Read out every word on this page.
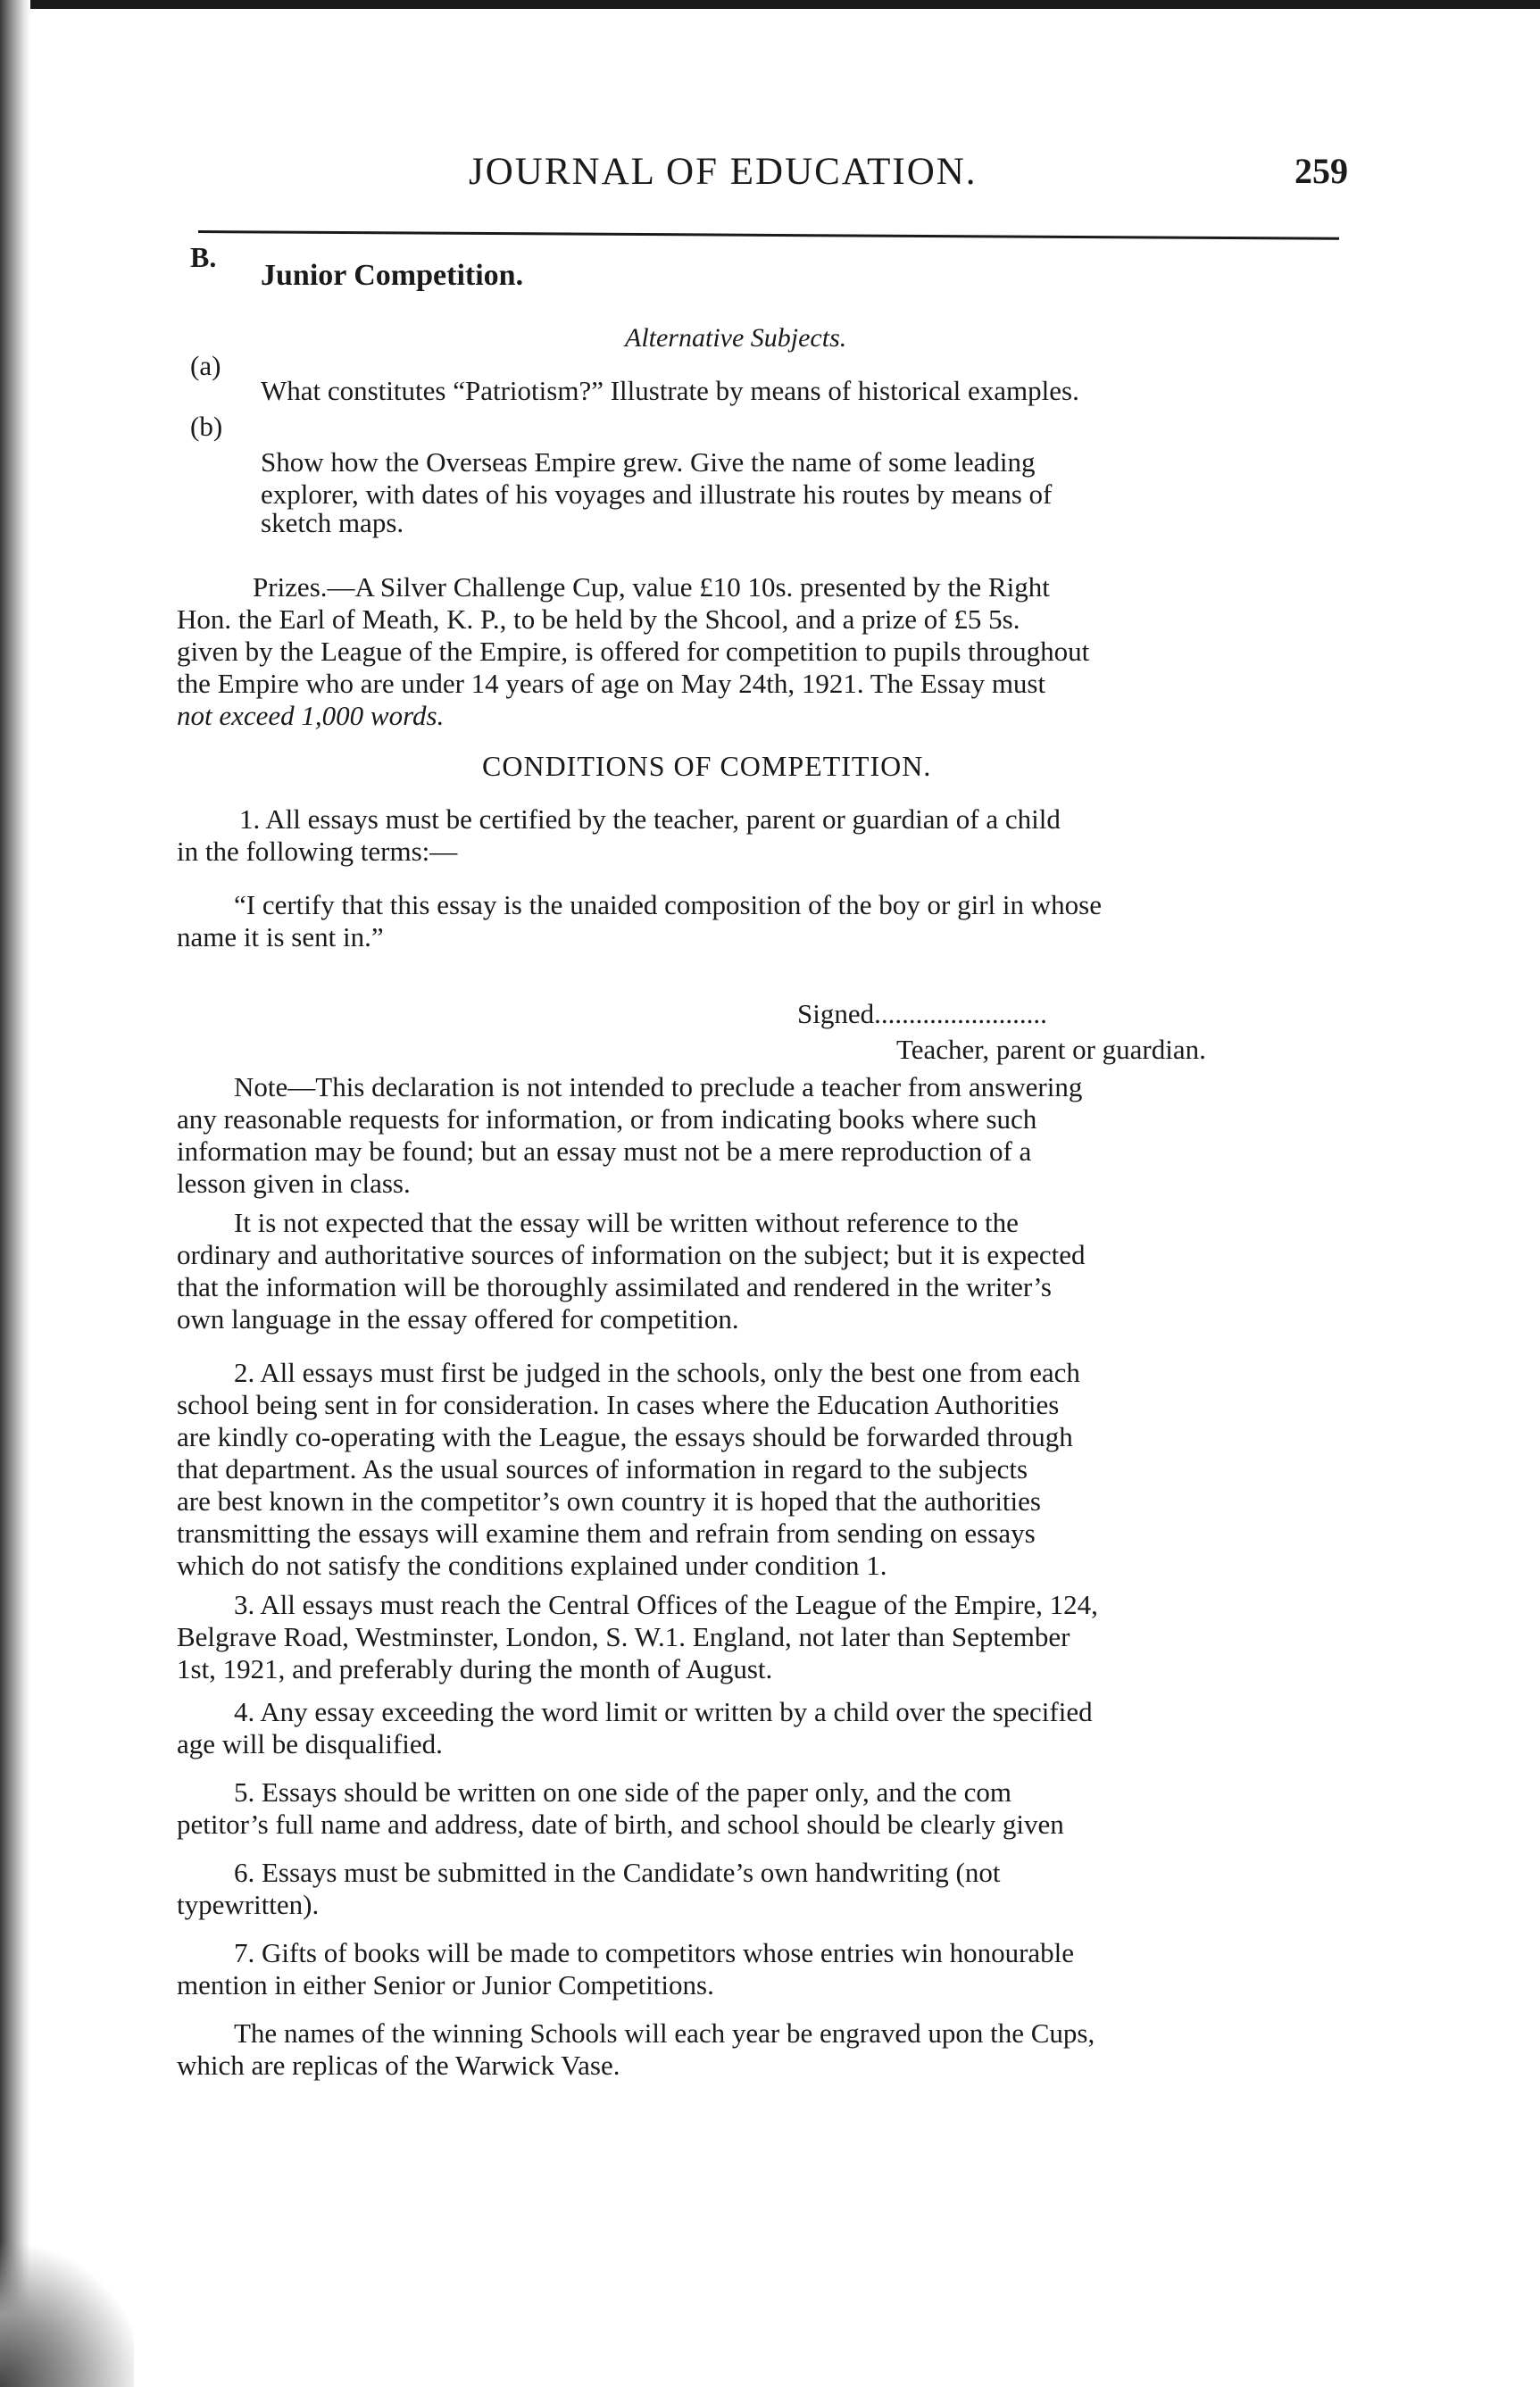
JOURNAL OF EDUCATION.	259
B.
Junior Competition.
Alternative Subjects.
(a)
What constitutes “Patriotism?” Illustrate by means of historical examples.
(b)
Show how the Overseas Empire grew. Give the name of some leading
explorer, with dates of his voyages and illustrate his routes by means of
sketch maps.
Prizes.—A Silver Challenge Cup, value £10 10s. presented by the Right
Hon. the Earl of Meath, K. P., to be held by the Shcool, and a prize of £5 5s.
given by the League of the Empire, is offered for competition to pupils throughout
the Empire who are under 14 years of age on May 24th, 1921. The Essay must
not exceed 1,000 words.
CONDITIONS OF COMPETITION.
1. All essays must be certified by the teacher, parent or guardian of a child
in the following terms:—
“I certify that this essay is the unaided composition of the boy or girl in whose
name it is sent in.”
Signed.........................
Teacher, parent or guardian.
Note—This declaration is not intended to preclude a teacher from answering
any reasonable requests for information, or from indicating books where such
information may be found; but an essay must not be a mere reproduction of a
lesson given in class.
It is not expected that the essay will be written without reference to the
ordinary and authoritative sources of information on the subject; but it is expected
that the information will be thoroughly assimilated and rendered in the writer’s
own language in the essay offered for competition.
2. All essays must first be judged in the schools, only the best one from each
school being sent in for consideration. In cases where the Education Authorities
are kindly co-operating with the League, the essays should be forwarded through
that department. As the usual sources of information in regard to the subjects
are best known in the competitor’s own country it is hoped that the authorities
transmitting the essays will examine them and refrain from sending on essays
which do not satisfy the conditions explained under condition 1.
3. All essays must reach the Central Offices of the League of the Empire, 124,
Belgrave Road, Westminster, London, S. W.1. England, not later than September
1st, 1921, and preferably during the month of August.
4. Any essay exceeding the word limit or written by a child over the specified
age will be disqualified.
5. Essays should be written on one side of the paper only, and the com
petitor’s full name and address, date of birth, and school should be clearly given
6. Essays must be submitted in the Candidate’s own handwriting (not
typewritten).
7. Gifts of books will be made to competitors whose entries win honourable
mention in either Senior or Junior Competitions.
The names of the winning Schools will each year be engraved upon the Cups,
which are replicas of the Warwick Vase.
